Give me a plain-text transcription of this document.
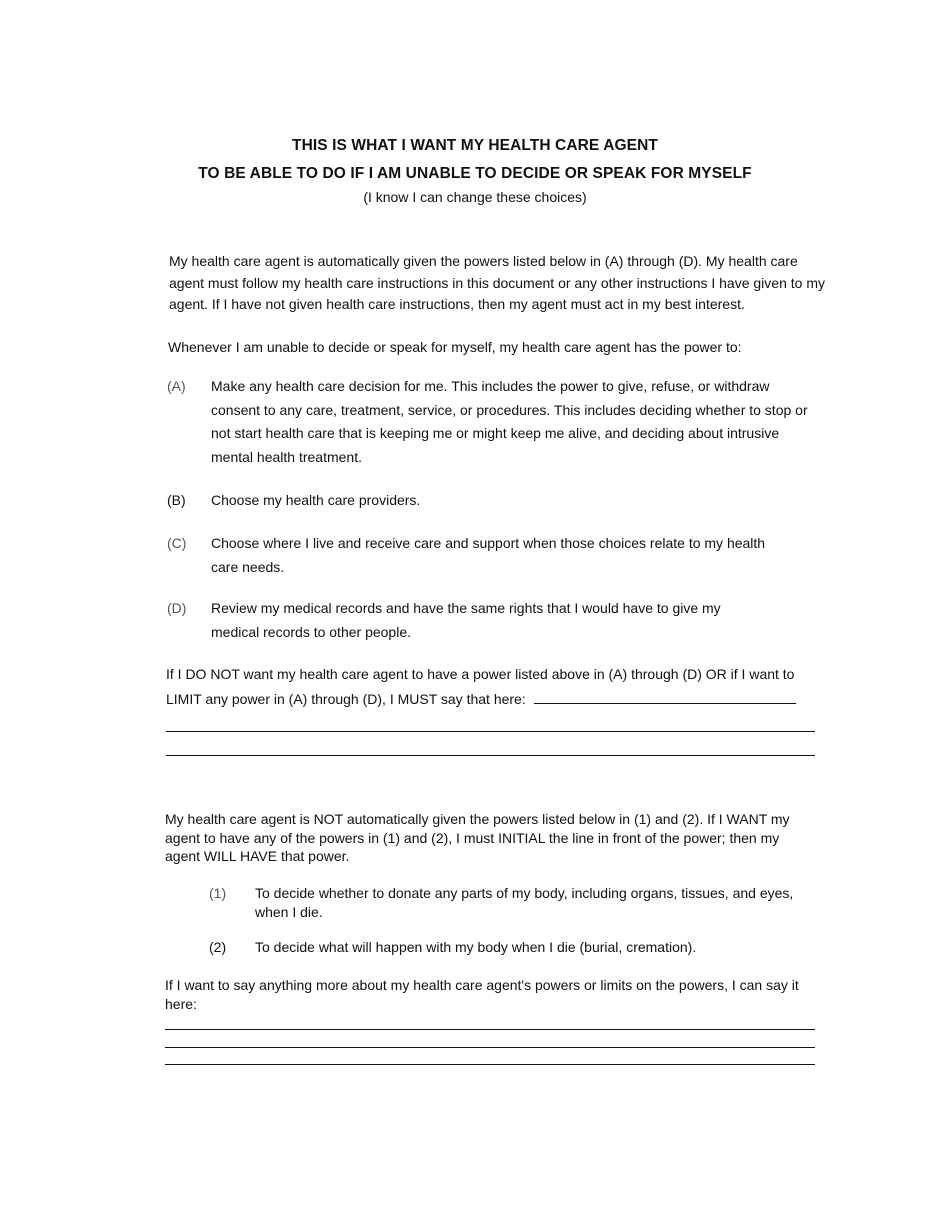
THIS IS WHAT I WANT MY HEALTH CARE AGENT
TO BE ABLE TO DO IF I AM UNABLE TO DECIDE OR SPEAK FOR MYSELF
(I know I can change these choices)
My health care agent is automatically given the powers listed below in (A) through (D). My health care agent must follow my health care instructions in this document or any other instructions I have given to my agent. If I have not given health care instructions, then my agent must act in my best interest.
Whenever I am unable to decide or speak for myself, my health care agent has the power to:
(A) Make any health care decision for me. This includes the power to give, refuse, or withdraw consent to any care, treatment, service, or procedures. This includes deciding whether to stop or not start health care that is keeping me or might keep me alive, and deciding about intrusive mental health treatment.
(B) Choose my health care providers.
(C) Choose where I live and receive care and support when those choices relate to my health care needs.
(D) Review my medical records and have the same rights that I would have to give my medical records to other people.
If I DO NOT want my health care agent to have a power listed above in (A) through (D) OR if I want to
LIMIT any power in (A) through (D), I MUST say that here:
My health care agent is NOT automatically given the powers listed below in (1) and (2). If I WANT my agent to have any of the powers in (1) and (2), I must INITIAL the line in front of the power; then my agent WILL HAVE that power.
(1) To decide whether to donate any parts of my body, including organs, tissues, and eyes, when I die.
(2) To decide what will happen with my body when I die (burial, cremation).
If I want to say anything more about my health care agent's powers or limits on the powers, I can say it here:
